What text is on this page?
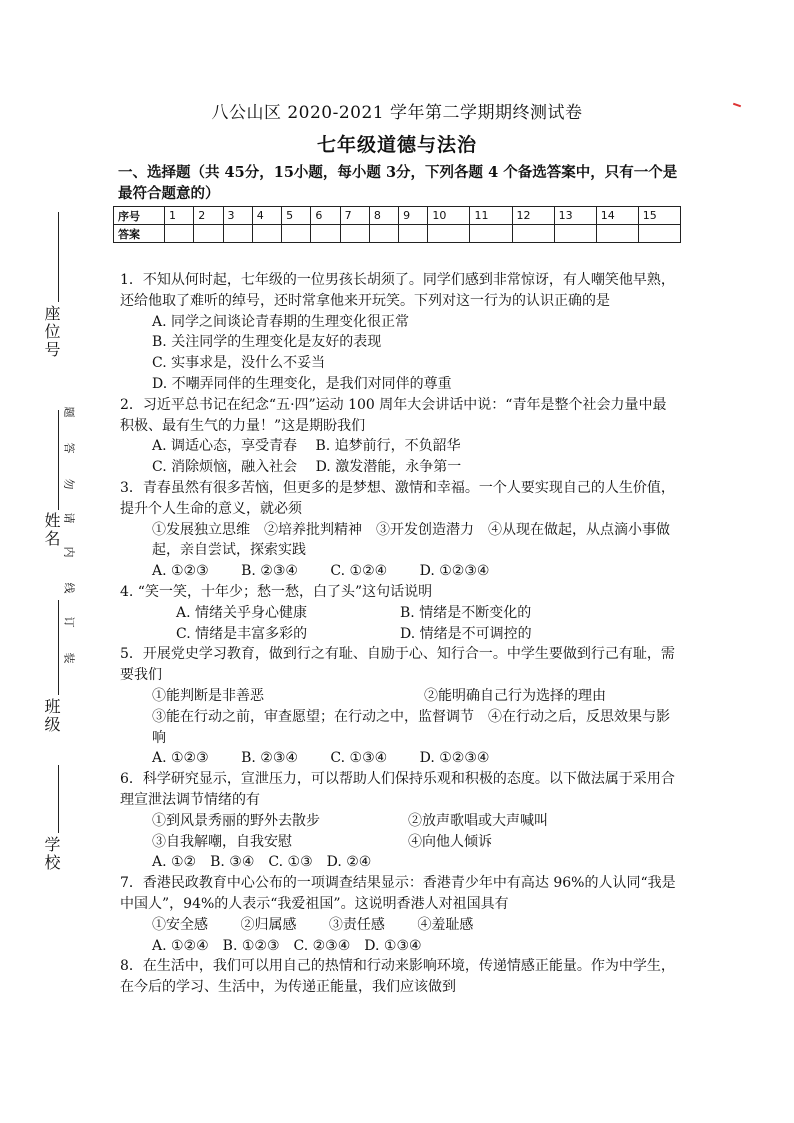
八公山区 2020-2021 学年第二学期期终测试卷
七年级道德与法治
一、选择题（共 45分，15小题，每小题 3分，下列各题 4 个备选答案中，只有一个是最符合题意的）
序号	1	2	3	4	5	6	7	8	9	10	11	12	13	14	15
答案															
座位号
姓名
班级
学校
题
答
勿
请
内
线
订
装

1．不知从何时起，七年级的一位男孩长胡须了。同学们感到非常惊讶，有人嘲笑他早熟，还给他取了难听的绰号，还时常拿他来开玩笑。下列对这一行为的认识正确的是

A. 同学之间谈论青春期的生理变化很正常

B. 关注同学的生理变化是友好的表现

C. 实事求是，没什么不妥当

D. 不嘲弄同伴的生理变化，是我们对同伴的尊重

2．习近平总书记在纪念“五·四”运动 100 周年大会讲话中说：“青年是整个社会力量中最积极、最有生气的力量！”这是期盼我们

A. 调适心态，享受青春　 B. 追梦前行，不负韶华

C. 消除烦恼，融入社会　 D. 激发潜能，永争第一

3．青春虽然有很多苦恼，但更多的是梦想、激情和幸福。一个人要实现自己的人生价值，提升个人生命的意义，就必须

①发展独立思维　②培养批判精神　③开发创造潜力　④从现在做起，从点滴小事做起，亲自尝试，探索实践

A. ①②③　　 B. ②③④　　 C. ①②④　　 D. ①②③④

4. “笑一笑，十年少；愁一愁，白了头”这句话说明

A. 情绪关乎身心健康	B. 情绪是不断变化的
C. 情绪是丰富多彩的	D. 情绪是不可调控的

5．开展党史学习教育，做到行之有耻、自励于心、知行合一。中学生要做到行己有耻，需要我们

①能判断是非善恶	②能明确自己行为选择的理由

③能在行动之前，审查愿望；在行动之中，监督调节　④在行动之后，反思效果与影响

A. ①②③　　 B. ②③④　　 C. ①③④　　 D. ①②③④

6．科学研究显示，宣泄压力，可以帮助人们保持乐观和积极的态度。以下做法属于采用合理宣泄法调节情绪的有

①到风景秀丽的野外去散步	②放声歌唱或大声喊叫
③自我解嘲，自我安慰	④向他人倾诉

A. ①②　B. ③④　C. ①③　D. ②④

7．香港民政教育中心公布的一项调查结果显示：香港青少年中有高达 96%的人认同“我是中国人”，94%的人表示“我爱祖国”。这说明香港人对祖国具有

①安全感　　 ②归属感　　 ③责任感　　 ④羞耻感

A. ①②④　B. ①②③　C. ②③④　D. ①③④

8．在生活中，我们可以用自己的热情和行动来影响环境，传递情感正能量。作为中学生，在今后的学习、生活中，为传递正能量，我们应该做到
